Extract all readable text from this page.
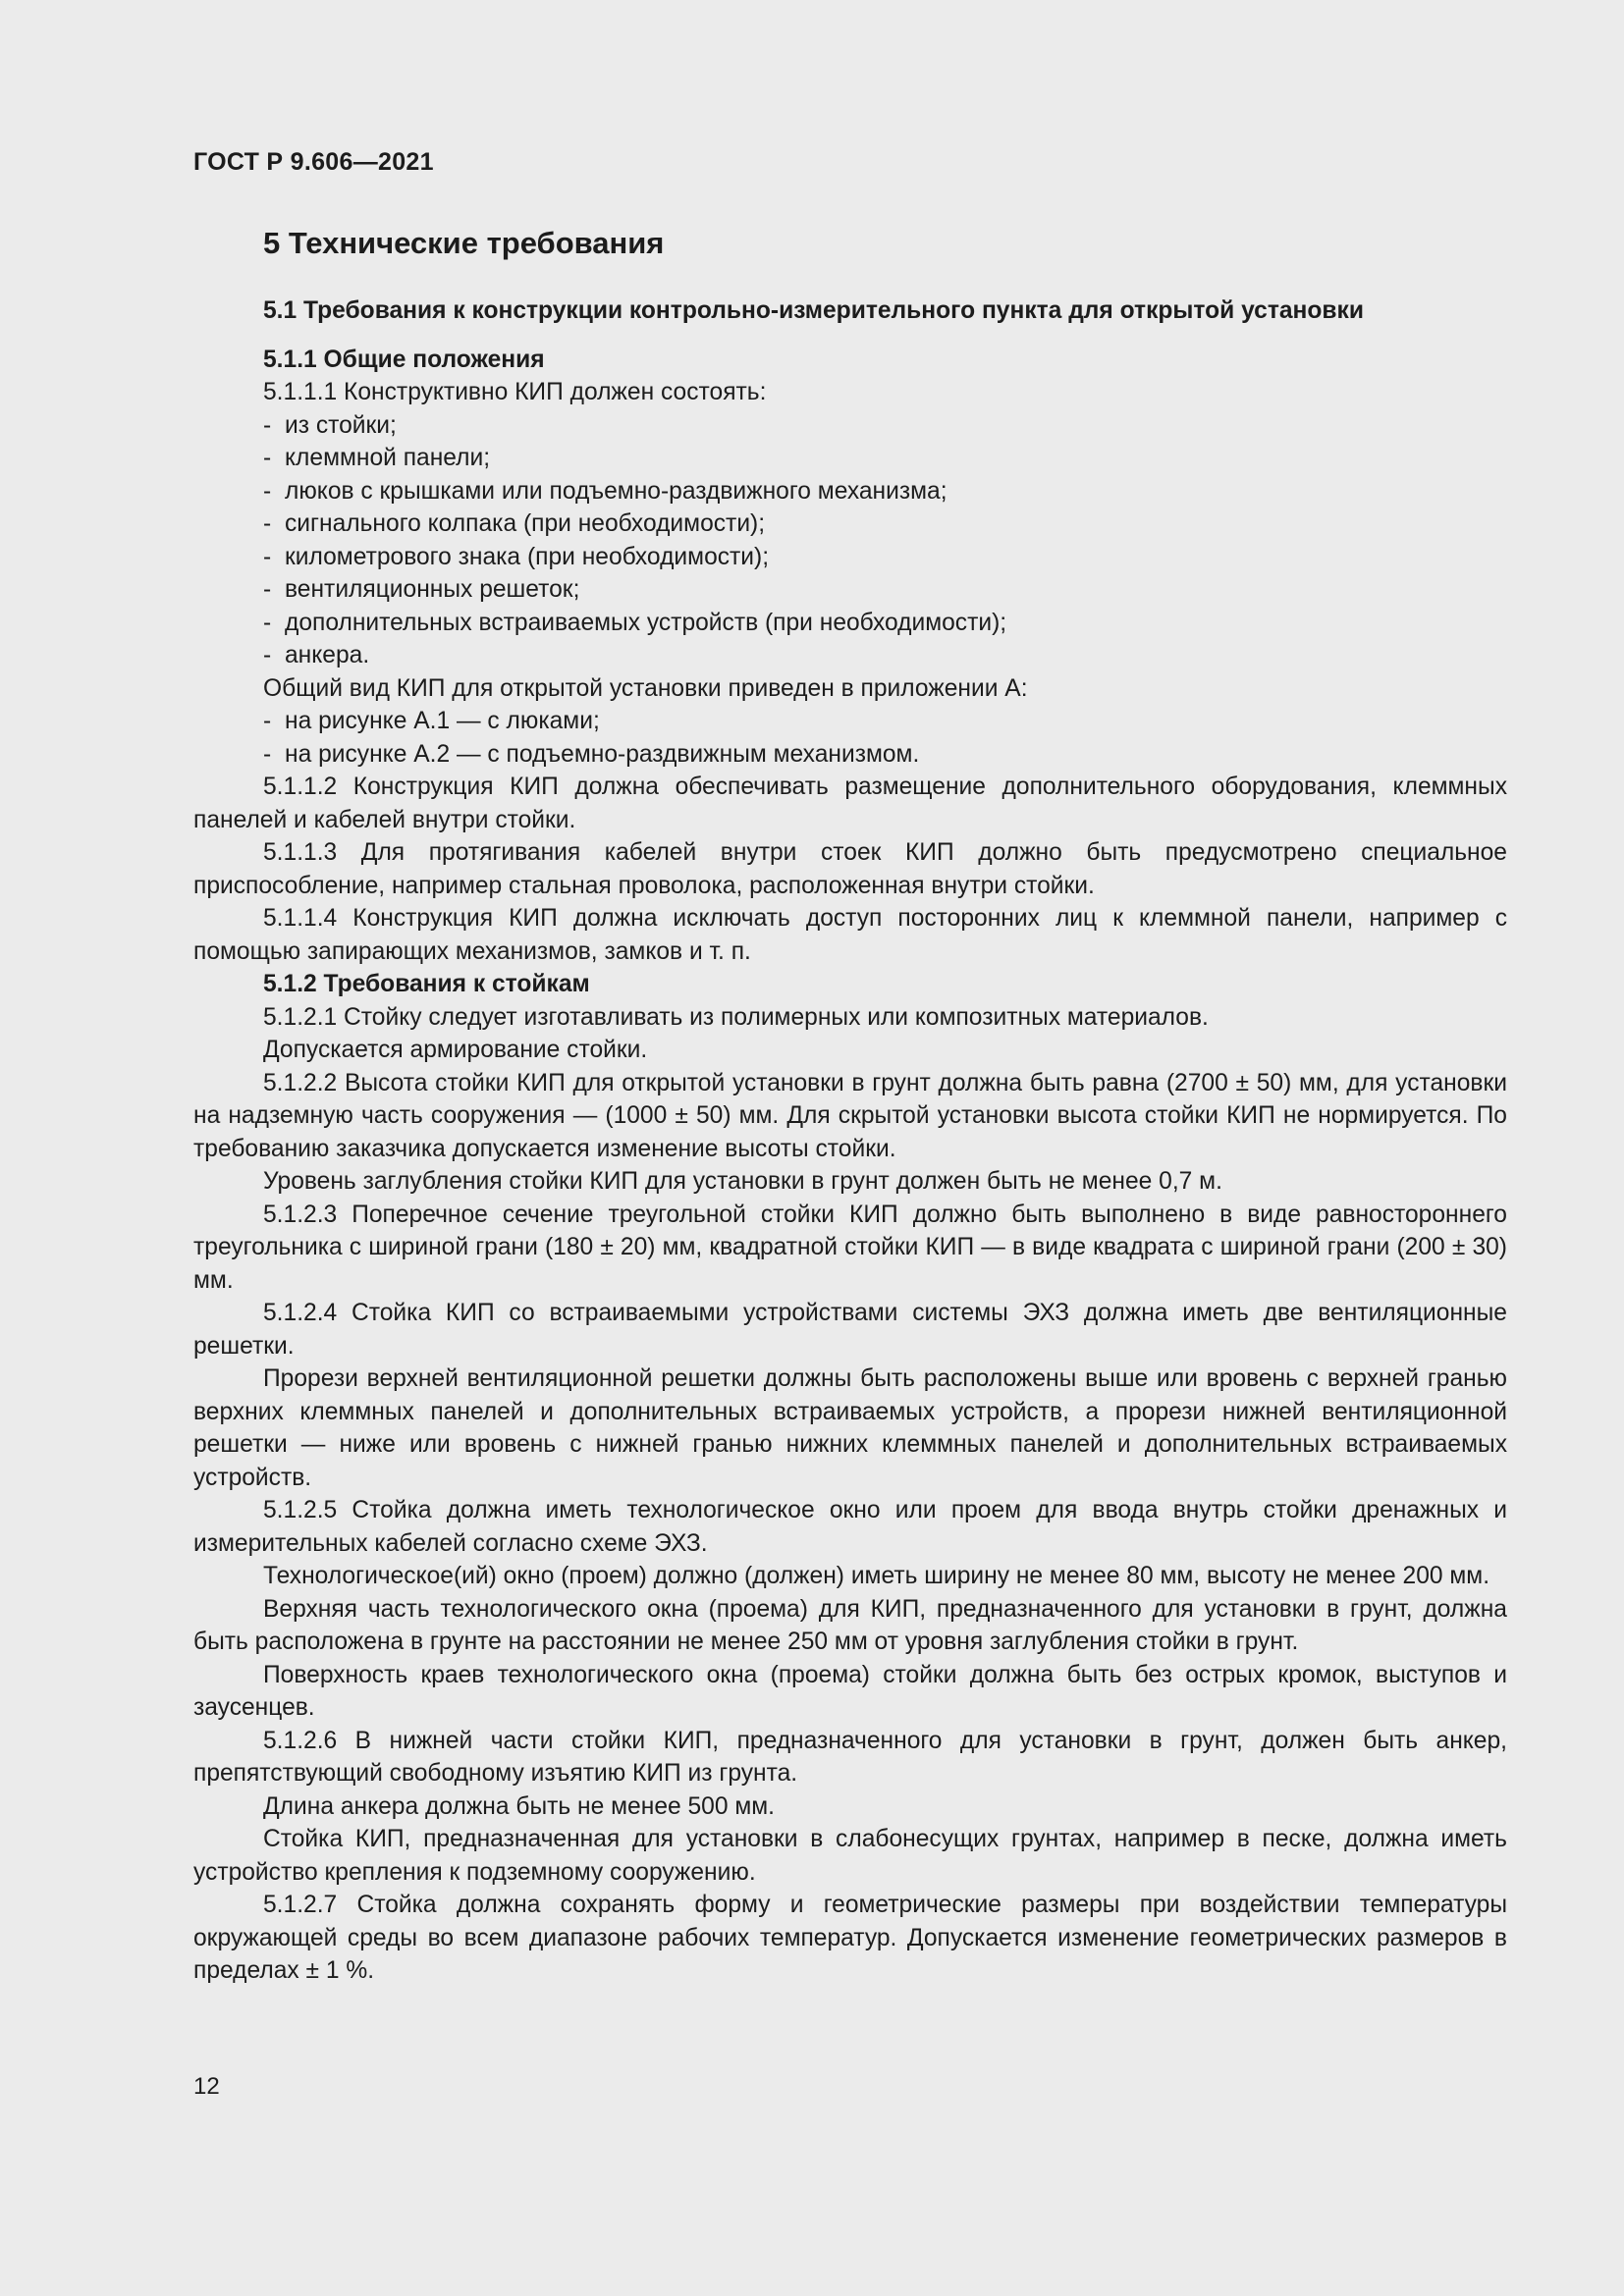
ГОСТ Р 9.606—2021

5 Технические требования

5.1 Требования к конструкции контрольно-измерительного пункта для открытой установки

5.1.1 Общие положения

5.1.1.1 Конструктивно КИП должен состоять:

- из стойки;

- клеммной панели;

- люков с крышками или подъемно-раздвижного механизма;

- сигнального колпака (при необходимости);

- километрового знака (при необходимости);

- вентиляционных решеток;

- дополнительных встраиваемых устройств (при необходимости);

- анкера.

Общий вид КИП для открытой установки приведен в приложении А:

- на рисунке А.1 — с люками;

- на рисунке А.2 — с подъемно-раздвижным механизмом.

5.1.1.2 Конструкция КИП должна обеспечивать размещение дополнительного оборудования, клеммных панелей и кабелей внутри стойки.

5.1.1.3 Для протягивания кабелей внутри стоек КИП должно быть предусмотрено специальное приспособление, например стальная проволока, расположенная внутри стойки.

5.1.1.4 Конструкция КИП должна исключать доступ посторонних лиц к клеммной панели, например с помощью запирающих механизмов, замков и т. п.

5.1.2 Требования к стойкам

5.1.2.1 Стойку следует изготавливать из полимерных или композитных материалов.

Допускается армирование стойки.

5.1.2.2 Высота стойки КИП для открытой установки в грунт должна быть равна (2700 ± 50) мм, для установки на надземную часть сооружения — (1000 ± 50) мм. Для скрытой установки высота стойки КИП не нормируется. По требованию заказчика допускается изменение высоты стойки.

Уровень заглубления стойки КИП для установки в грунт должен быть не менее 0,7 м.

5.1.2.3 Поперечное сечение треугольной стойки КИП должно быть выполнено в виде равностороннего треугольника с шириной грани (180 ± 20) мм, квадратной стойки КИП — в виде квадрата с шириной грани (200 ± 30) мм.

5.1.2.4 Стойка КИП со встраиваемыми устройствами системы ЭХЗ должна иметь две вентиляционные решетки.

Прорези верхней вентиляционной решетки должны быть расположены выше или вровень с верхней гранью верхних клеммных панелей и дополнительных встраиваемых устройств, а прорези нижней вентиляционной решетки — ниже или вровень с нижней гранью нижних клеммных панелей и дополнительных встраиваемых устройств.

5.1.2.5 Стойка должна иметь технологическое окно или проем для ввода внутрь стойки дренажных и измерительных кабелей согласно схеме ЭХЗ.

Технологическое(ий) окно (проем) должно (должен) иметь ширину не менее 80 мм, высоту не менее 200 мм.

Верхняя часть технологического окна (проема) для КИП, предназначенного для установки в грунт, должна быть расположена в грунте на расстоянии не менее 250 мм от уровня заглубления стойки в грунт.

Поверхность краев технологического окна (проема) стойки должна быть без острых кромок, выступов и заусенцев.

5.1.2.6 В нижней части стойки КИП, предназначенного для установки в грунт, должен быть анкер, препятствующий свободному изъятию КИП из грунта.

Длина анкера должна быть не менее 500 мм.

Стойка КИП, предназначенная для установки в слабонесущих грунтах, например в песке, должна иметь устройство крепления к подземному сооружению.

5.1.2.7 Стойка должна сохранять форму и геометрические размеры при воздействии температуры окружающей среды во всем диапазоне рабочих температур. Допускается изменение геометрических размеров в пределах ± 1 %.

12
